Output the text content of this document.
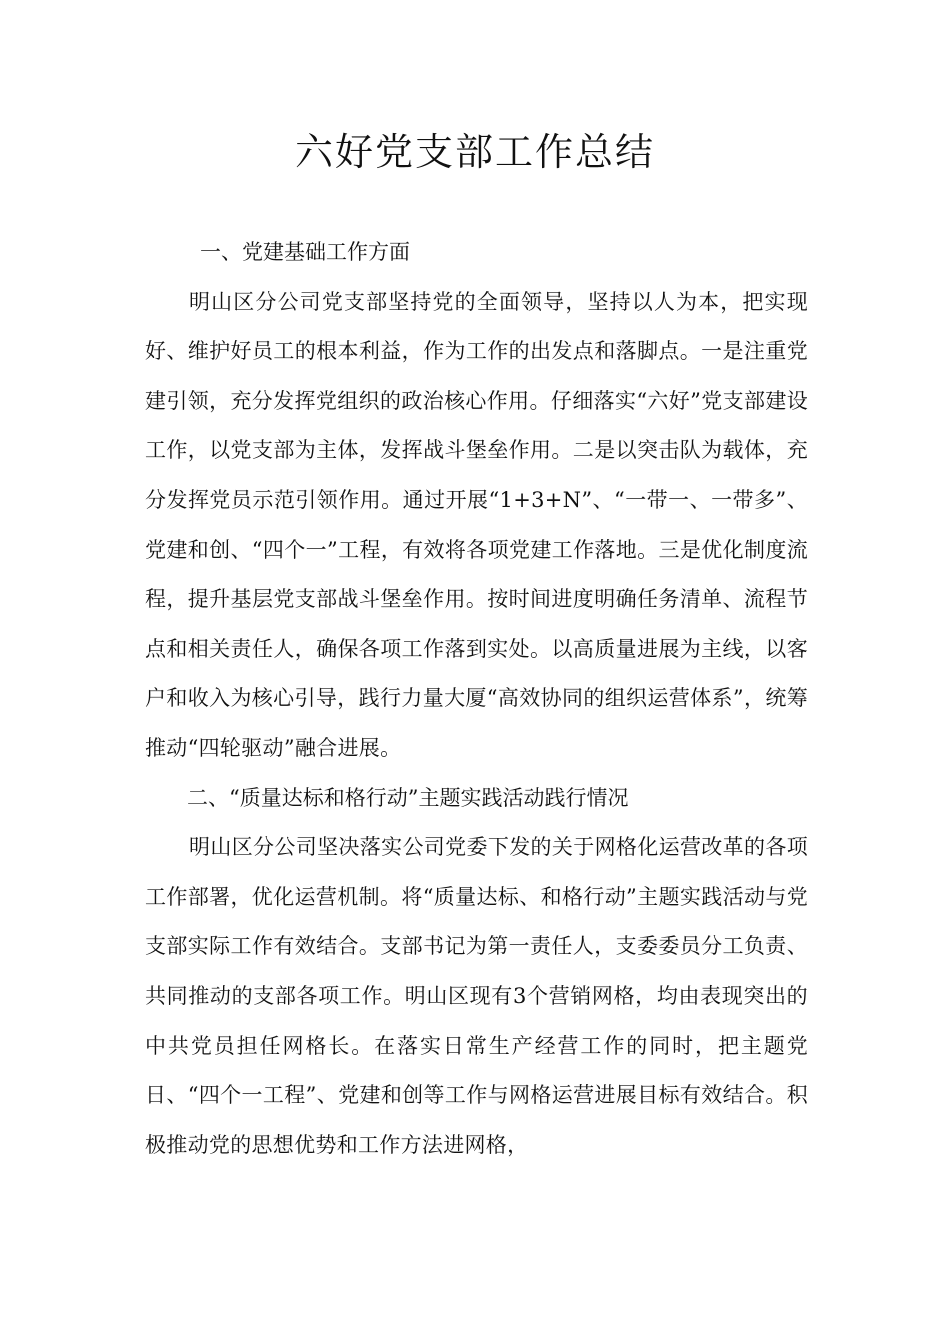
六好党支部工作总结
一、党建基础工作方面

明山区分公司党支部坚持党的全面领导，坚持以人为本，把实现好、维护好员工的根本利益，作为工作的出发点和落脚点。一是注重党建引领，充分发挥党组织的政治核心作用。仔细落实“六好”党支部建设工作，以党支部为主体，发挥战斗堡垒作用。二是以突击队为载体，充分发挥党员示范引领作用。通过开展“1+3+N”、“一带一、一带多”、党建和创、“四个一”工程，有效将各项党建工作落地。三是优化制度流程，提升基层党支部战斗堡垒作用。按时间进度明确任务清单、流程节点和相关责任人，确保各项工作落到实处。以高质量进展为主线，以客户和收入为核心引导，践行力量大厦“高效协同的组织运营体系”，统筹推动“四轮驱动”融合进展。

二、“质量达标和格行动”主题实践活动践行情况

明山区分公司坚决落实公司党委下发的关于网格化运营改革的各项工作部署，优化运营机制。将“质量达标、和格行动”主题实践活动与党支部实际工作有效结合。支部书记为第一责任人，支委委员分工负责、共同推动的支部各项工作。明山区现有3个营销网格，均由表现突出的中共党员担任网格长。在落实日常生产经营工作的同时，把主题党日、“四个一工程”、党建和创等工作与网格运营进展目标有效结合。积极推动党的思想优势和工作方法进网格，
